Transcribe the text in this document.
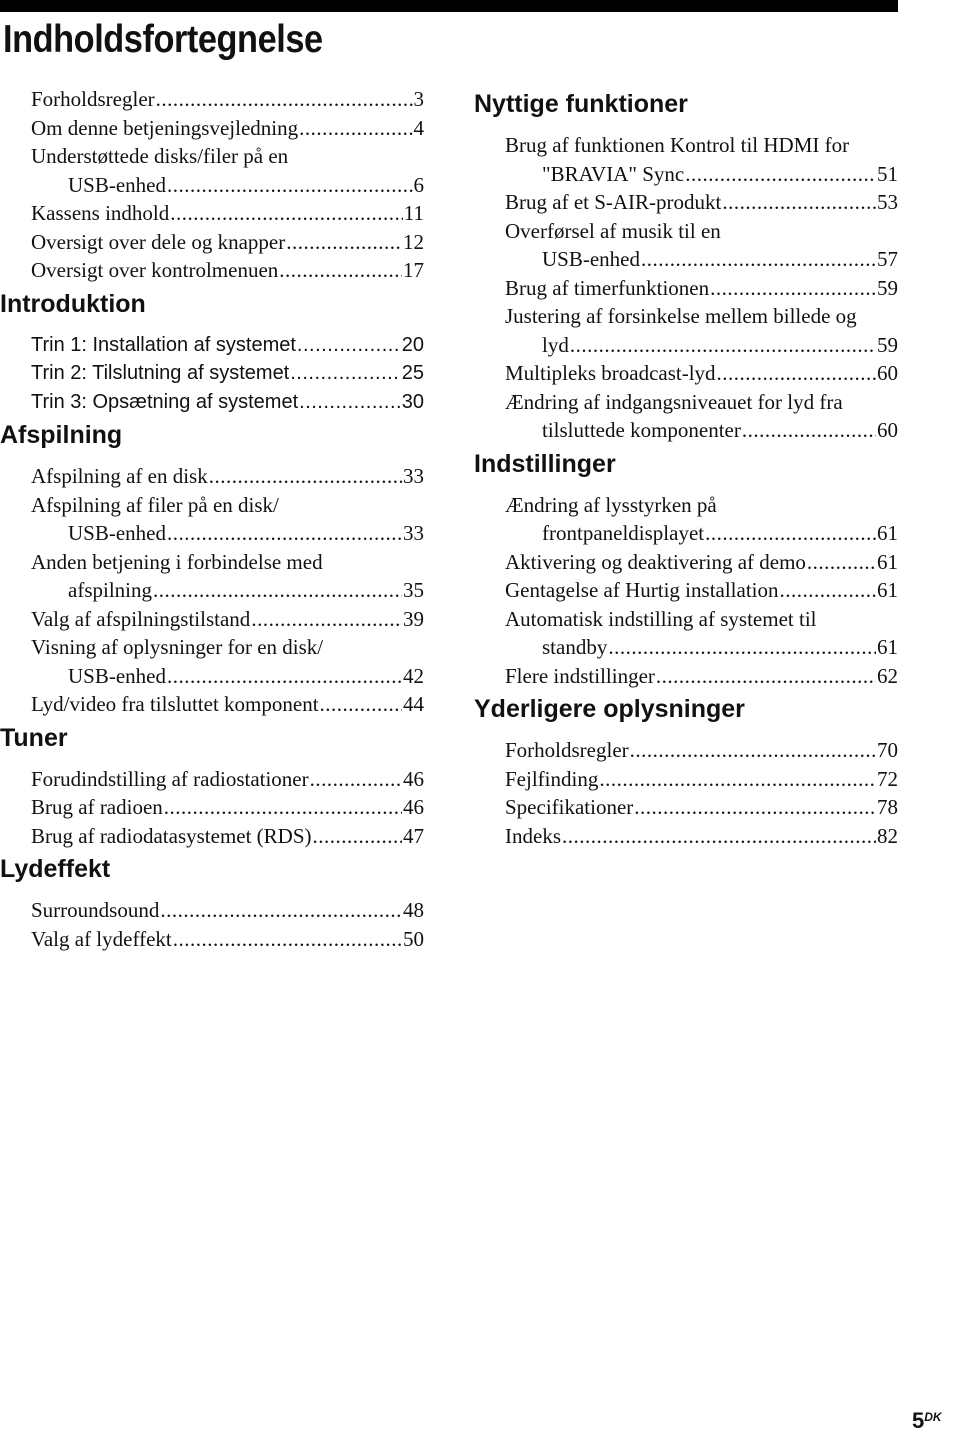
Indholdsfortegnelse
Forholdsregler .....	3
Om denne betjeningsvejledning .....	4
Understøttede disks/filer på en
USB-enhed .....	6
Kassens indhold .....	11
Oversigt over dele og knapper .....	12
Oversigt over kontrolmenuen .....	17
Introduktion
Trin 1: Installation af systemet .....	20
Trin 2: Tilslutning af systemet .....	25
Trin 3: Opsætning af systemet .....	30
Afspilning
Afspilning af en disk .....	33
Afspilning af filer på en disk/
USB-enhed .....	33
Anden betjening i forbindelse med
afspilning .....	35
Valg af afspilningstilstand .....	39
Visning af oplysninger for en disk/
USB-enhed .....	42
Lyd/video fra tilsluttet komponent .....	44
Tuner
Forudindstilling af radiostationer .....	46
Brug af radioen .....	46
Brug af radiodatasystemet (RDS) .....	47
Lydeffekt
Surroundsound .....	48
Valg af lydeffekt .....	50
Nyttige funktioner
Brug af funktionen Kontrol til HDMI for
"BRAVIA" Sync .....	51
Brug af et S-AIR-produkt .....	53
Overførsel af musik til en
USB-enhed .....	57
Brug af timerfunktionen .....	59
Justering af forsinkelse mellem billede og
lyd .....	59
Multipleks broadcast-lyd .....	60
Ændring af indgangsniveauet for lyd fra
tilsluttede komponenter .....	60
Indstillinger
Ændring af lysstyrken på
frontpaneldisplayet .....	61
Aktivering og deaktivering af demo .....	61
Gentagelse af Hurtig installation .....	61
Automatisk indstilling af systemet til
standby .....	61
Flere indstillinger .....	62
Yderligere oplysninger
Forholdsregler .....	70
Fejlfinding .....	72
Specifikationer .....	78
Indeks .....	82
$5^{DK}$
